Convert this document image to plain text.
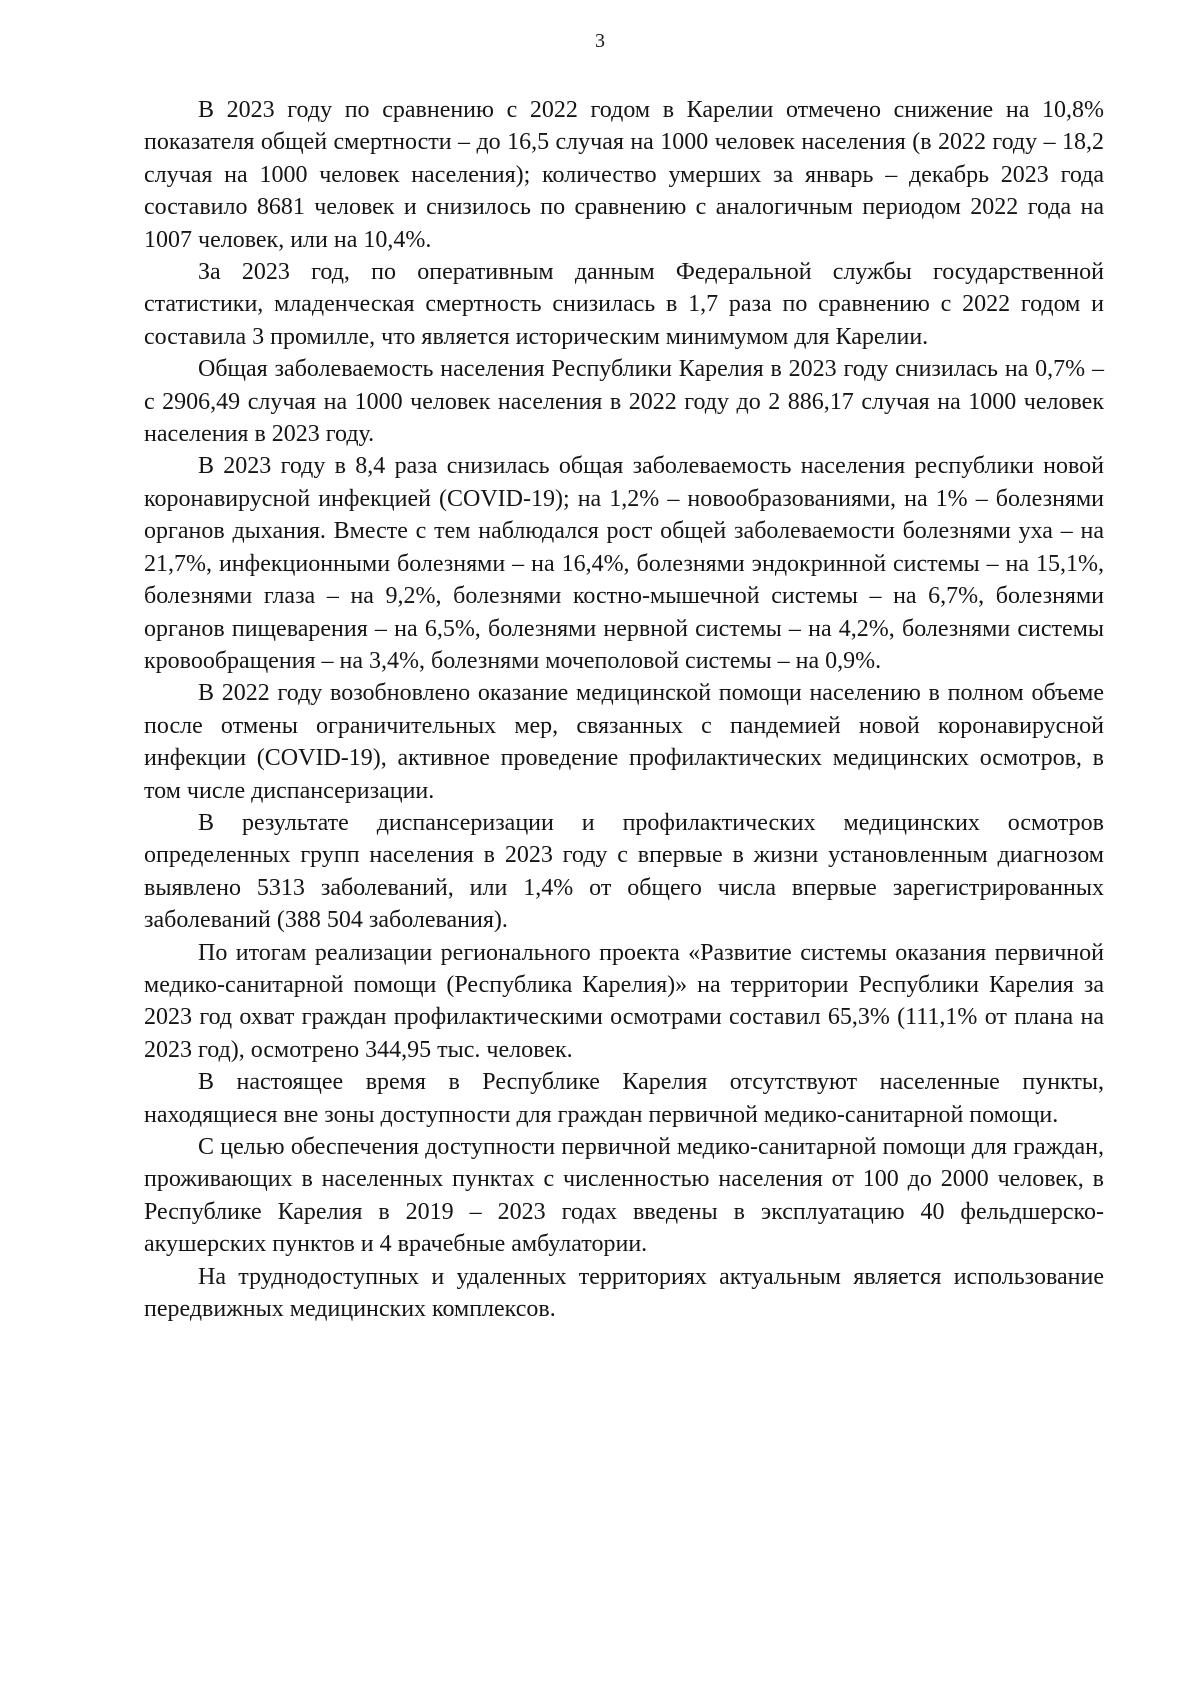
3

В 2023 году по сравнению с 2022 годом в Карелии отмечено снижение на 10,8% показателя общей смертности – до 16,5 случая на 1000 человек населения (в 2022 году – 18,2 случая на 1000 человек населения); количество умерших за январь – декабрь 2023 года составило 8681 человек и снизилось по сравнению с аналогичным периодом 2022 года на 1007 человек, или на 10,4%.

За 2023 год, по оперативным данным Федеральной службы государственной статистики, младенческая смертность снизилась в 1,7 раза по сравнению с 2022 годом и составила 3 промилле, что является историческим минимумом для Карелии.

Общая заболеваемость населения Республики Карелия в 2023 году снизилась на 0,7% – с 2906,49 случая на 1000 человек населения в 2022 году до 2 886,17 случая на 1000 человек населения в 2023 году.

В 2023 году в 8,4 раза снизилась общая заболеваемость населения республики новой коронавирусной инфекцией (COVID-19); на 1,2% – новообразованиями, на 1% – болезнями органов дыхания. Вместе с тем наблюдался рост общей заболеваемости болезнями уха – на 21,7%, инфекционными болезнями – на 16,4%, болезнями эндокринной системы – на 15,1%, болезнями глаза – на 9,2%, болезнями костно-мышечной системы – на 6,7%, болезнями органов пищеварения – на 6,5%, болезнями нервной системы – на 4,2%, болезнями системы кровообращения – на 3,4%, болезнями мочеполовой системы – на 0,9%.

В 2022 году возобновлено оказание медицинской помощи населению в полном объеме после отмены ограничительных мер, связанных с пандемией новой коронавирусной инфекции (COVID-19), активное проведение профилактических медицинских осмотров, в том числе диспансеризации.

В результате диспансеризации и профилактических медицинских осмотров определенных групп населения в 2023 году с впервые в жизни установленным диагнозом выявлено 5313 заболеваний, или 1,4% от общего числа впервые зарегистрированных заболеваний (388 504 заболевания).

По итогам реализации регионального проекта «Развитие системы оказания первичной медико-санитарной помощи (Республика Карелия)» на территории Республики Карелия за 2023 год охват граждан профилактическими осмотрами составил 65,3% (111,1% от плана на 2023 год), осмотрено 344,95 тыс. человек.

В настоящее время в Республике Карелия отсутствуют населенные пункты, находящиеся вне зоны доступности для граждан первичной медико-санитарной помощи.

С целью обеспечения доступности первичной медико-санитарной помощи для граждан, проживающих в населенных пунктах с численностью населения от 100 до 2000 человек, в Республике Карелия в 2019 – 2023 годах введены в эксплуатацию 40 фельдшерско-акушерских пунктов и 4 врачебные амбулатории.

На труднодоступных и удаленных территориях актуальным является использование передвижных медицинских комплексов.
